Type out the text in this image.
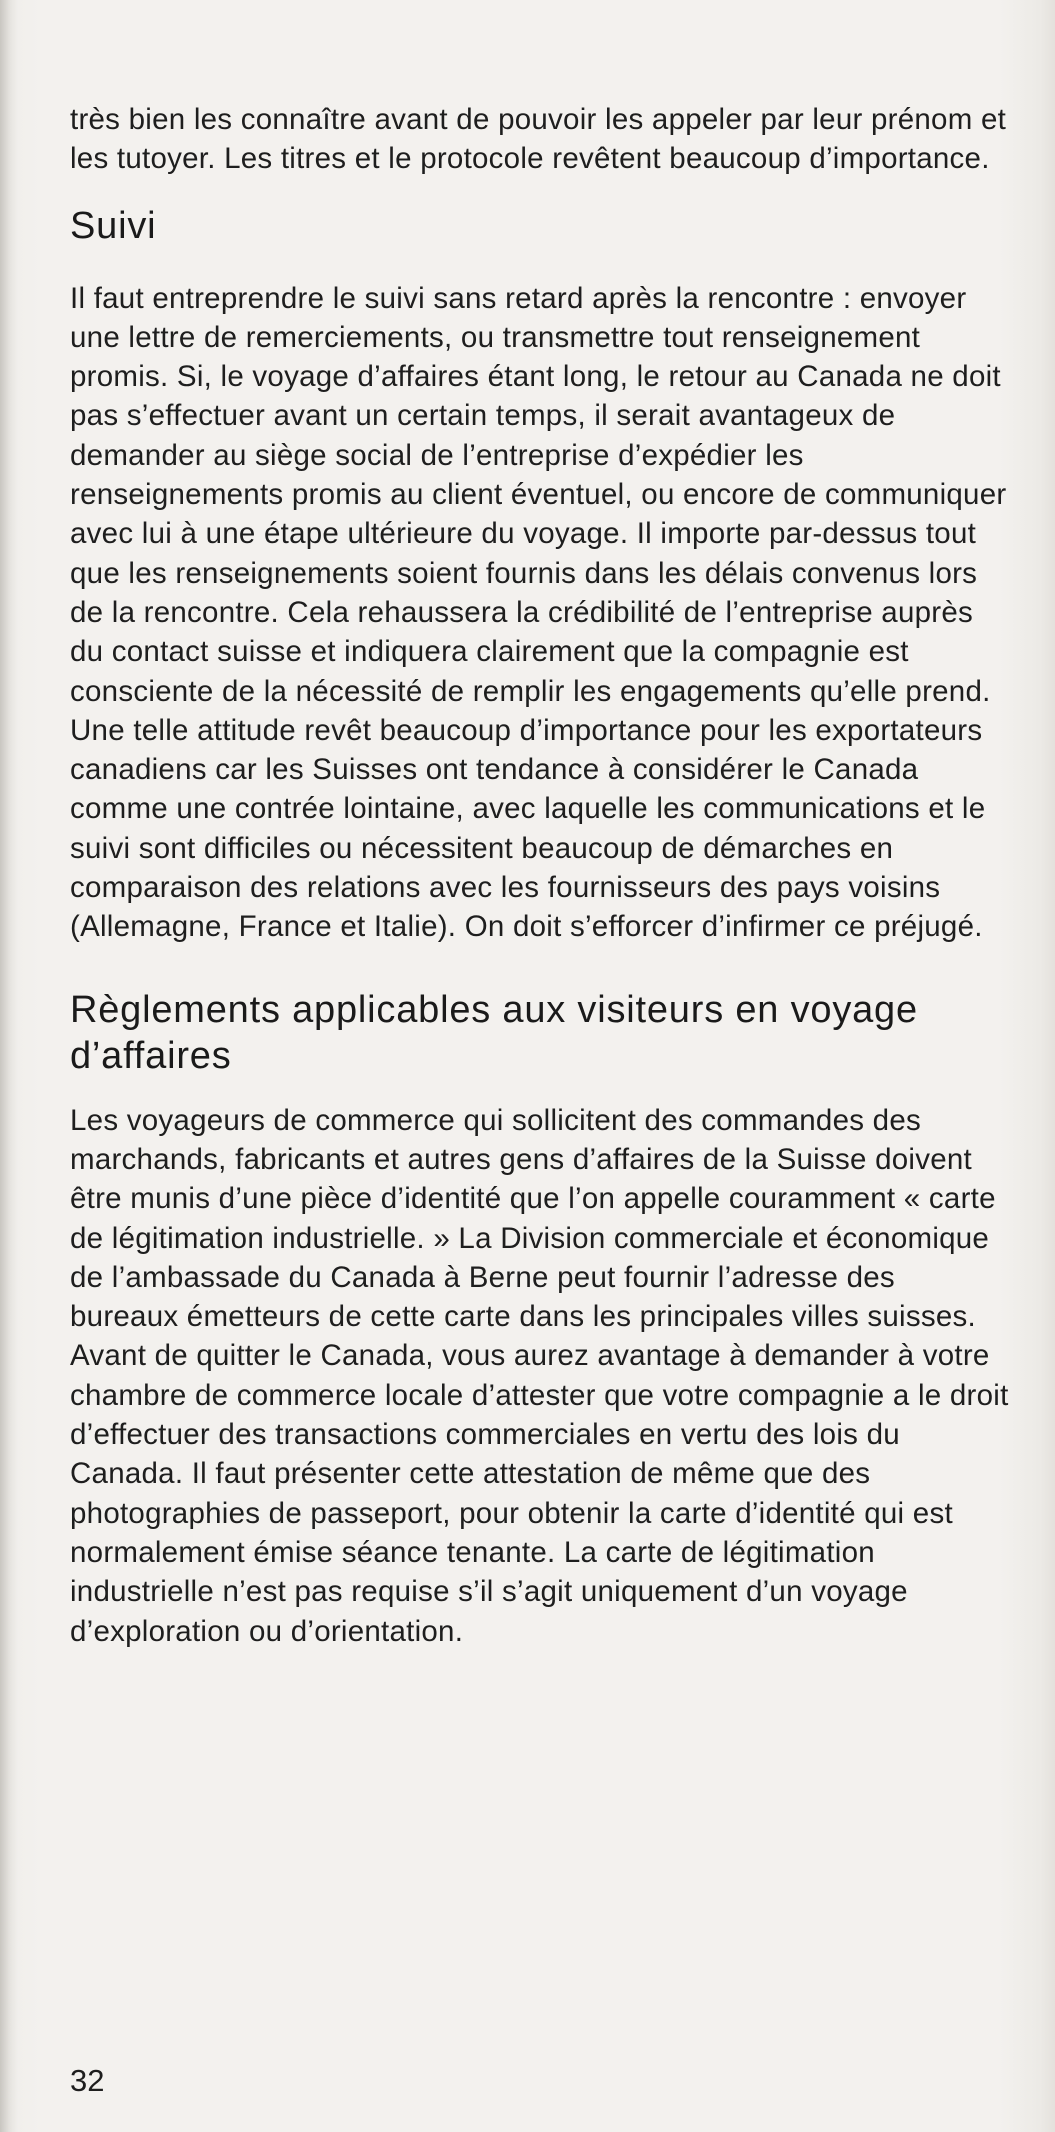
très bien les connaître avant de pouvoir les appeler par leur prénom et les tutoyer. Les titres et le protocole revêtent beaucoup d’importance.

Suivi

Il faut entreprendre le suivi sans retard après la rencontre : envoyer une lettre de remerciements, ou transmettre tout renseignement promis. Si, le voyage d’affaires étant long, le retour au Canada ne doit pas s’effectuer avant un certain temps, il serait avantageux de demander au siège social de l’entreprise d’expédier les renseignements promis au client éventuel, ou encore de communiquer avec lui à une étape ultérieure du voyage. Il importe par-dessus tout que les renseignements soient fournis dans les délais convenus lors de la rencontre. Cela rehaussera la crédibilité de l’entreprise auprès du contact suisse et indiquera clairement que la compagnie est consciente de la nécessité de remplir les engagements qu’elle prend. Une telle attitude revêt beaucoup d’importance pour les exportateurs canadiens car les Suisses ont tendance à considérer le Canada comme une contrée lointaine, avec laquelle les communications et le suivi sont difficiles ou nécessitent beaucoup de démarches en comparaison des relations avec les fournisseurs des pays voisins (Allemagne, France et Italie). On doit s’efforcer d’infirmer ce préjugé.

Règlements applicables aux visiteurs en voyage d’affaires

Les voyageurs de commerce qui sollicitent des commandes des marchands, fabricants et autres gens d’affaires de la Suisse doivent être munis d’une pièce d’identité que l’on appelle couramment « carte de légitimation industrielle. » La Division commerciale et économique de l’ambassade du Canada à Berne peut fournir l’adresse des bureaux émetteurs de cette carte dans les principales villes suisses. Avant de quitter le Canada, vous aurez avantage à demander à votre chambre de commerce locale d’attester que votre compagnie a le droit d’effectuer des transactions commerciales en vertu des lois du Canada. Il faut présenter cette attestation de même que des photographies de passeport, pour obtenir la carte d’identité qui est normalement émise séance tenante. La carte de légitimation industrielle n’est pas requise s’il s’agit uniquement d’un voyage d’exploration ou d’orientation.

32
